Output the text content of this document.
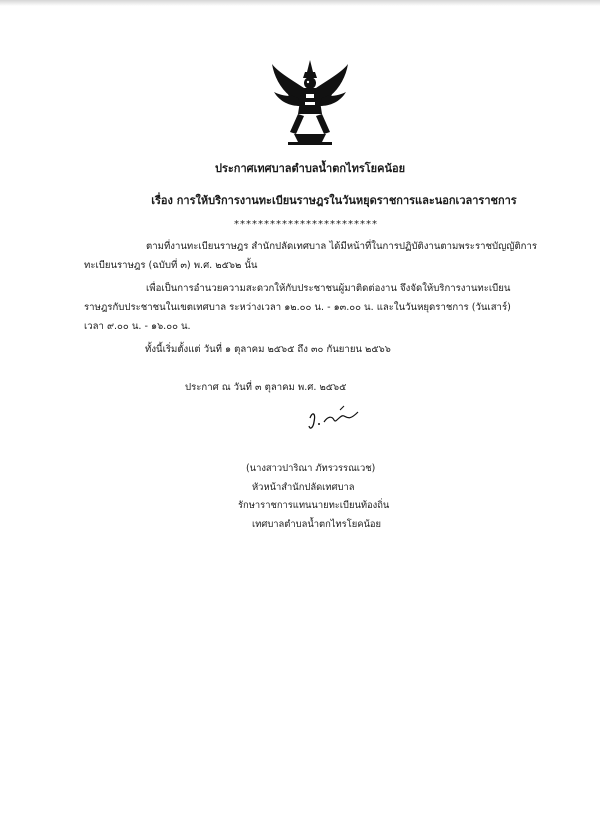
ประกาศเทศบาลตำบลน้ำตกไทรโยคน้อย
เรื่อง การให้บริการงานทะเบียนราษฎรในวันหยุดราชการและนอกเวลาราชการ
************************
ตามที่งานทะเบียนราษฎร สำนักปลัดเทศบาล ได้มีหน้าที่ในการปฏิบัติงานตามพระราชบัญญัติการ
ทะเบียนราษฎร (ฉบับที่ ๓) พ.ศ. ๒๕๖๒ นั้น
เพื่อเป็นการอำนวยความสะดวกให้กับประชาชนผู้มาติดต่องาน จึงจัดให้บริการงานทะเบียน
ราษฎรกับประชาชนในเขตเทศบาล ระหว่างเวลา ๑๒.๐๐ น. - ๑๓.๐๐ น. และในวันหยุดราชการ (วันเสาร์)
เวลา ๙.๐๐ น. - ๑๖.๐๐ น.
ทั้งนี้เริ่มตั้งแต่ วันที่ ๑ ตุลาคม ๒๕๖๕ ถึง ๓๐ กันยายน ๒๕๖๖
ประกาศ ณ วันที่ ๓ ตุลาคม พ.ศ. ๒๕๖๕
(นางสาวปาริณา ภัทรวรรณเวช)
หัวหน้าสำนักปลัดเทศบาล
รักษาราชการแทนนายทะเบียนท้องถิ่น
เทศบาลตำบลน้ำตกไทรโยคน้อย
